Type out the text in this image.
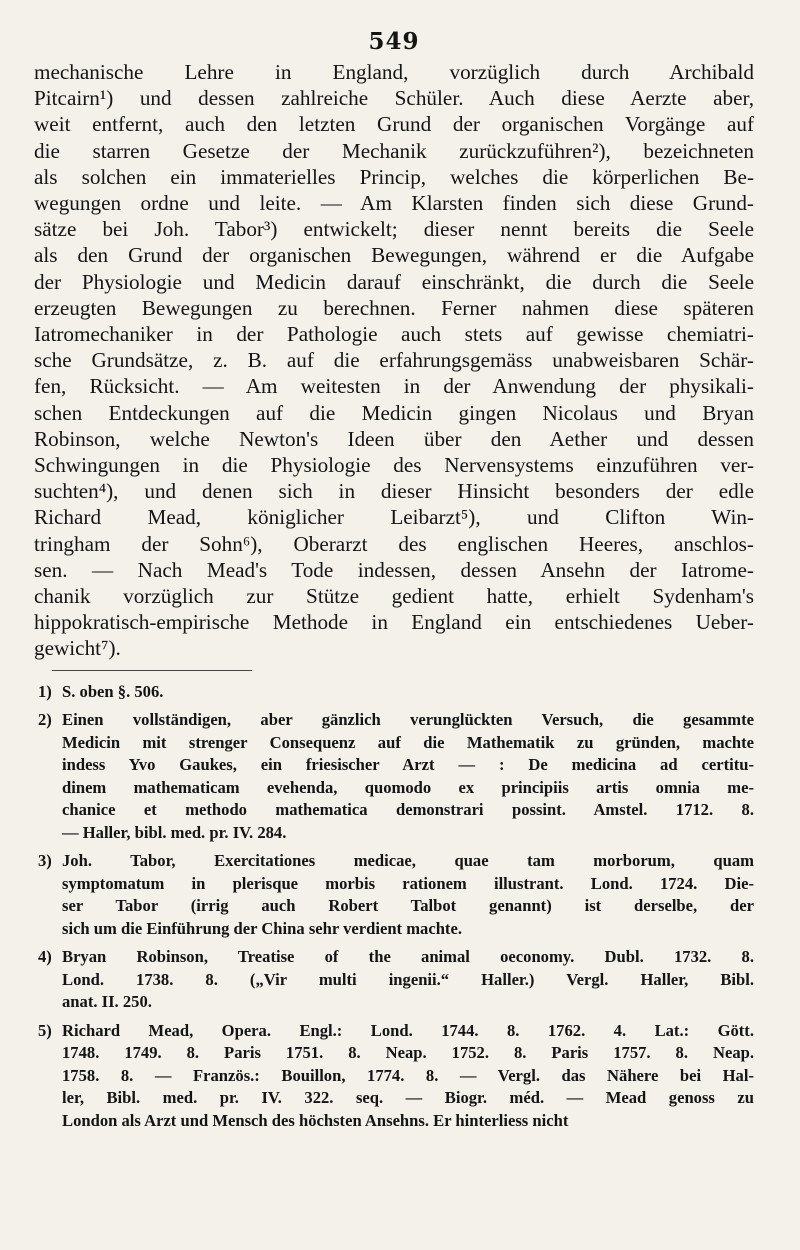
549
mechanische Lehre in England, vorzüglich durch Archibald
Pitcairn¹) und dessen zahlreiche Schüler. Auch diese Aerzte aber,
weit entfernt, auch den letzten Grund der organischen Vorgänge auf
die starren Gesetze der Mechanik zurückzuführen²), bezeichneten
als solchen ein immaterielles Princip, welches die körperlichen Be-
wegungen ordne und leite. — Am Klarsten finden sich diese Grund-
sätze bei Joh. Tabor³) entwickelt; dieser nennt bereits die Seele
als den Grund der organischen Bewegungen, während er die Aufgabe
der Physiologie und Medicin darauf einschränkt, die durch die Seele
erzeugten Bewegungen zu berechnen. Ferner nahmen diese späteren
Iatromechaniker in der Pathologie auch stets auf gewisse chemiatri-
sche Grundsätze, z. B. auf die erfahrungsgemäss unabweisbaren Schär-
fen, Rücksicht. — Am weitesten in der Anwendung der physikali-
schen Entdeckungen auf die Medicin gingen Nicolaus und Bryan
Robinson, welche Newton's Ideen über den Aether und dessen
Schwingungen in die Physiologie des Nervensystems einzuführen ver-
suchten⁴), und denen sich in dieser Hinsicht besonders der edle
Richard Mead, königlicher Leibarzt⁵), und Clifton Win-
tringham der Sohn⁶), Oberarzt des englischen Heeres, anschlos-
sen. — Nach Mead's Tode indessen, dessen Ansehn der Iatrome-
chanik vorzüglich zur Stütze gedient hatte, erhielt Sydenham's
hippokratisch-empirische Methode in England ein entschiedenes Ueber-
gewicht⁷).
1) S. oben §. 506.
2) Einen vollständigen, aber gänzlich verunglückten Versuch, die gesammte
Medicin mit strenger Consequenz auf die Mathematik zu gründen, machte
indess Yvo Gaukes, ein friesischer Arzt — : De medicina ad certitu-
dinem mathematicam evehenda, quomodo ex principiis artis omnia me-
chanice et methodo mathematica demonstrari possint. Amstel. 1712. 8.
— Haller, bibl. med. pr. IV. 284.
3) Joh. Tabor, Exercitationes medicae, quae tam morborum, quam
symptomatum in plerisque morbis rationem illustrant. Lond. 1724. Die-
ser Tabor (irrig auch Robert Talbot genannt) ist derselbe, der
sich um die Einführung der China sehr verdient machte.
4) Bryan Robinson, Treatise of the animal oeconomy. Dubl. 1732. 8.
Lond. 1738. 8. („Vir multi ingenii.“ Haller.) Vergl. Haller, Bibl.
anat. II. 250.
5) Richard Mead, Opera. Engl.: Lond. 1744. 8. 1762. 4. Lat.: Gött.
1748. 1749. 8. Paris 1751. 8. Neap. 1752. 8. Paris 1757. 8. Neap.
1758. 8. — Französ.: Bouillon, 1774. 8. — Vergl. das Nähere bei Hal-
ler, Bibl. med. pr. IV. 322. seq. — Biogr. méd. — Mead genoss zu
London als Arzt und Mensch des höchsten Ansehns. Er hinterliess nicht
